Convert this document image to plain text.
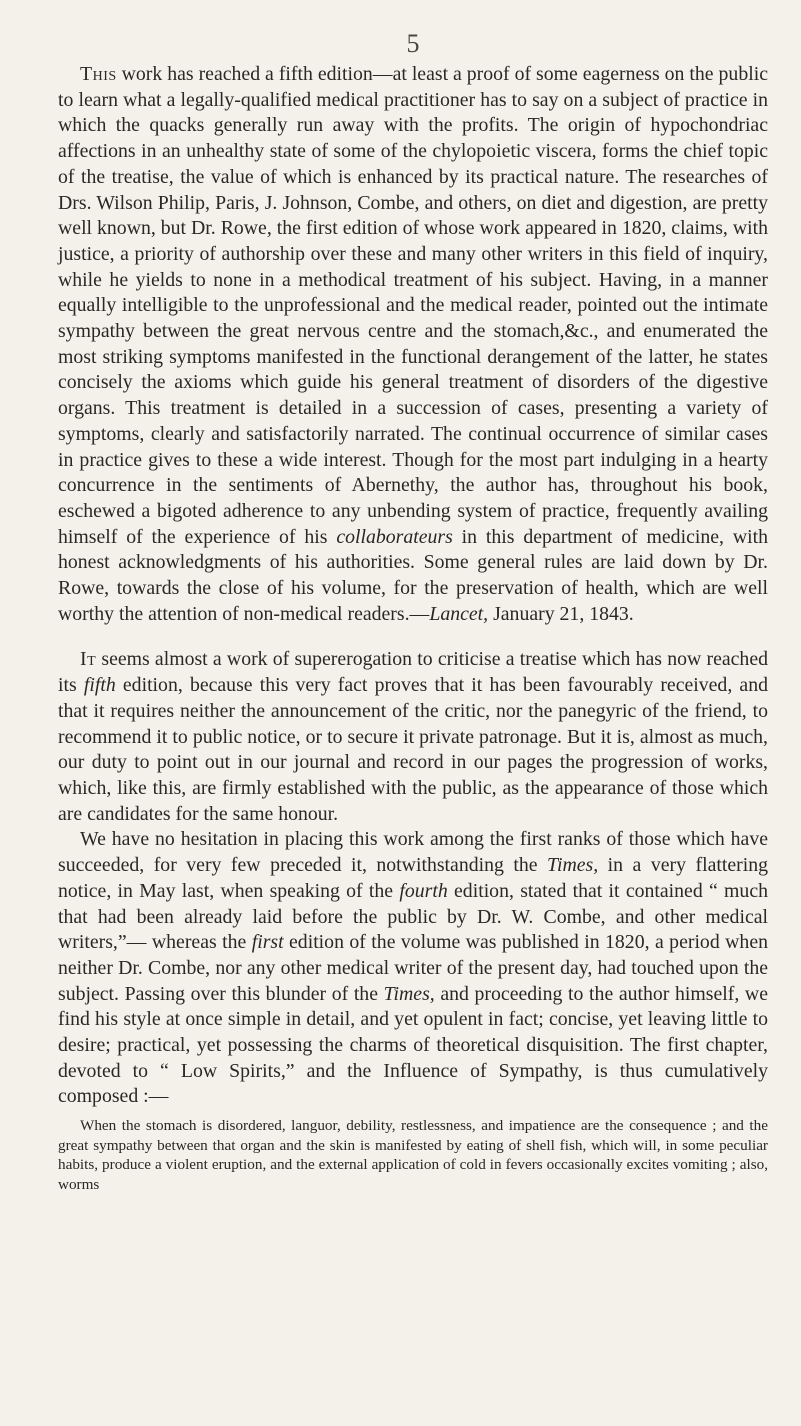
5

This work has reached a fifth edition—at least a proof of some eagerness on the public to learn what a legally-qualified medical practitioner has to say on a subject of practice in which the quacks generally run away with the profits. The origin of hypochondriac affections in an unhealthy state of some of the chylopoietic viscera, forms the chief topic of the treatise, the value of which is enhanced by its practical nature. The researches of Drs. Wilson Philip, Paris, J. Johnson, Combe, and others, on diet and digestion, are pretty well known, but Dr. Rowe, the first edition of whose work appeared in 1820, claims, with justice, a priority of authorship over these and many other writers in this field of inquiry, while he yields to none in a methodical treatment of his subject. Having, in a manner equally intelligible to the unprofessional and the medical reader, pointed out the intimate sympathy between the great nervous centre and the stomach,&c., and enumerated the most striking symptoms manifested in the functional derangement of the latter, he states concisely the axioms which guide his general treatment of disorders of the digestive organs. This treatment is detailed in a succession of cases, presenting a variety of symptoms, clearly and satisfactorily narrated. The continual occurrence of similar cases in practice gives to these a wide interest. Though for the most part indulging in a hearty concurrence in the sentiments of Abernethy, the author has, throughout his book, eschewed a bigoted adherence to any unbending system of practice, frequently availing himself of the experience of his collaborateurs in this department of medicine, with honest acknowledgments of his authorities. Some general rules are laid down by Dr. Rowe, towards the close of his volume, for the preservation of health, which are well worthy the attention of non-medical readers.—Lancet, January 21, 1843.

It seems almost a work of supererogation to criticise a treatise which has now reached its fifth edition, because this very fact proves that it has been favourably received, and that it requires neither the announcement of the critic, nor the panegyric of the friend, to recommend it to public notice, or to secure it private patronage. But it is, almost as much, our duty to point out in our journal and record in our pages the progression of works, which, like this, are firmly established with the public, as the appearance of those which are candidates for the same honour.

We have no hesitation in placing this work among the first ranks of those which have succeeded, for very few preceded it, notwithstanding the Times, in a very flattering notice, in May last, when speaking of the fourth edition, stated that it contained “ much that had been already laid before the public by Dr. W. Combe, and other medical writers,”— whereas the first edition of the volume was published in 1820, a period when neither Dr. Combe, nor any other medical writer of the present day, had touched upon the subject. Passing over this blunder of the Times, and proceeding to the author himself, we find his style at once simple in detail, and yet opulent in fact; concise, yet leaving little to desire; practical, yet possessing the charms of theoretical disquisition. The first chapter, devoted to “ Low Spirits,” and the Influence of Sympathy, is thus cumulatively composed :—

When the stomach is disordered, languor, debility, restlessness, and impatience are the consequence ; and the great sympathy between that organ and the skin is manifested by eating of shell fish, which will, in some peculiar habits, produce a violent eruption, and the external application of cold in fevers occasionally excites vomiting ; also, worms
